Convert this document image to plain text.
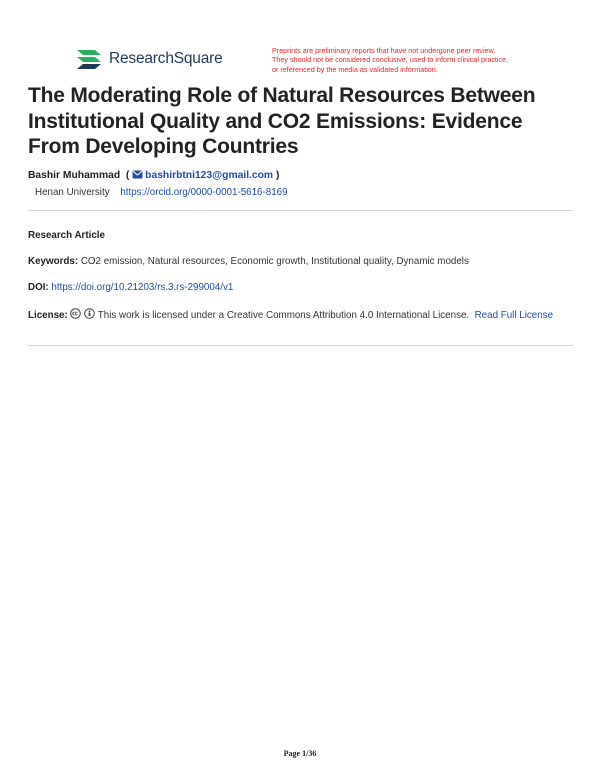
ResearchSquare	Preprints are preliminary reports that have not undergone peer review.
They should not be considered conclusive, used to inform clinical practice,
or referenced by the media as validated information.
The Moderating Role of Natural Resources Between Institutional Quality and CO2 Emissions: Evidence From Developing Countries
Bashir Muhammad ( bashirbtni123@gmail.com )
Henan University https://orcid.org/0000-0001-5616-8169
Research Article
Keywords: CO2 emission, Natural resources, Economic growth, Institutional quality, Dynamic models
DOI: https://doi.org/10.21203/rs.3.rs-299004/v1
License:	This work is licensed under a Creative Commons Attribution 4.0 International License. Read Full License
Page 1/36
